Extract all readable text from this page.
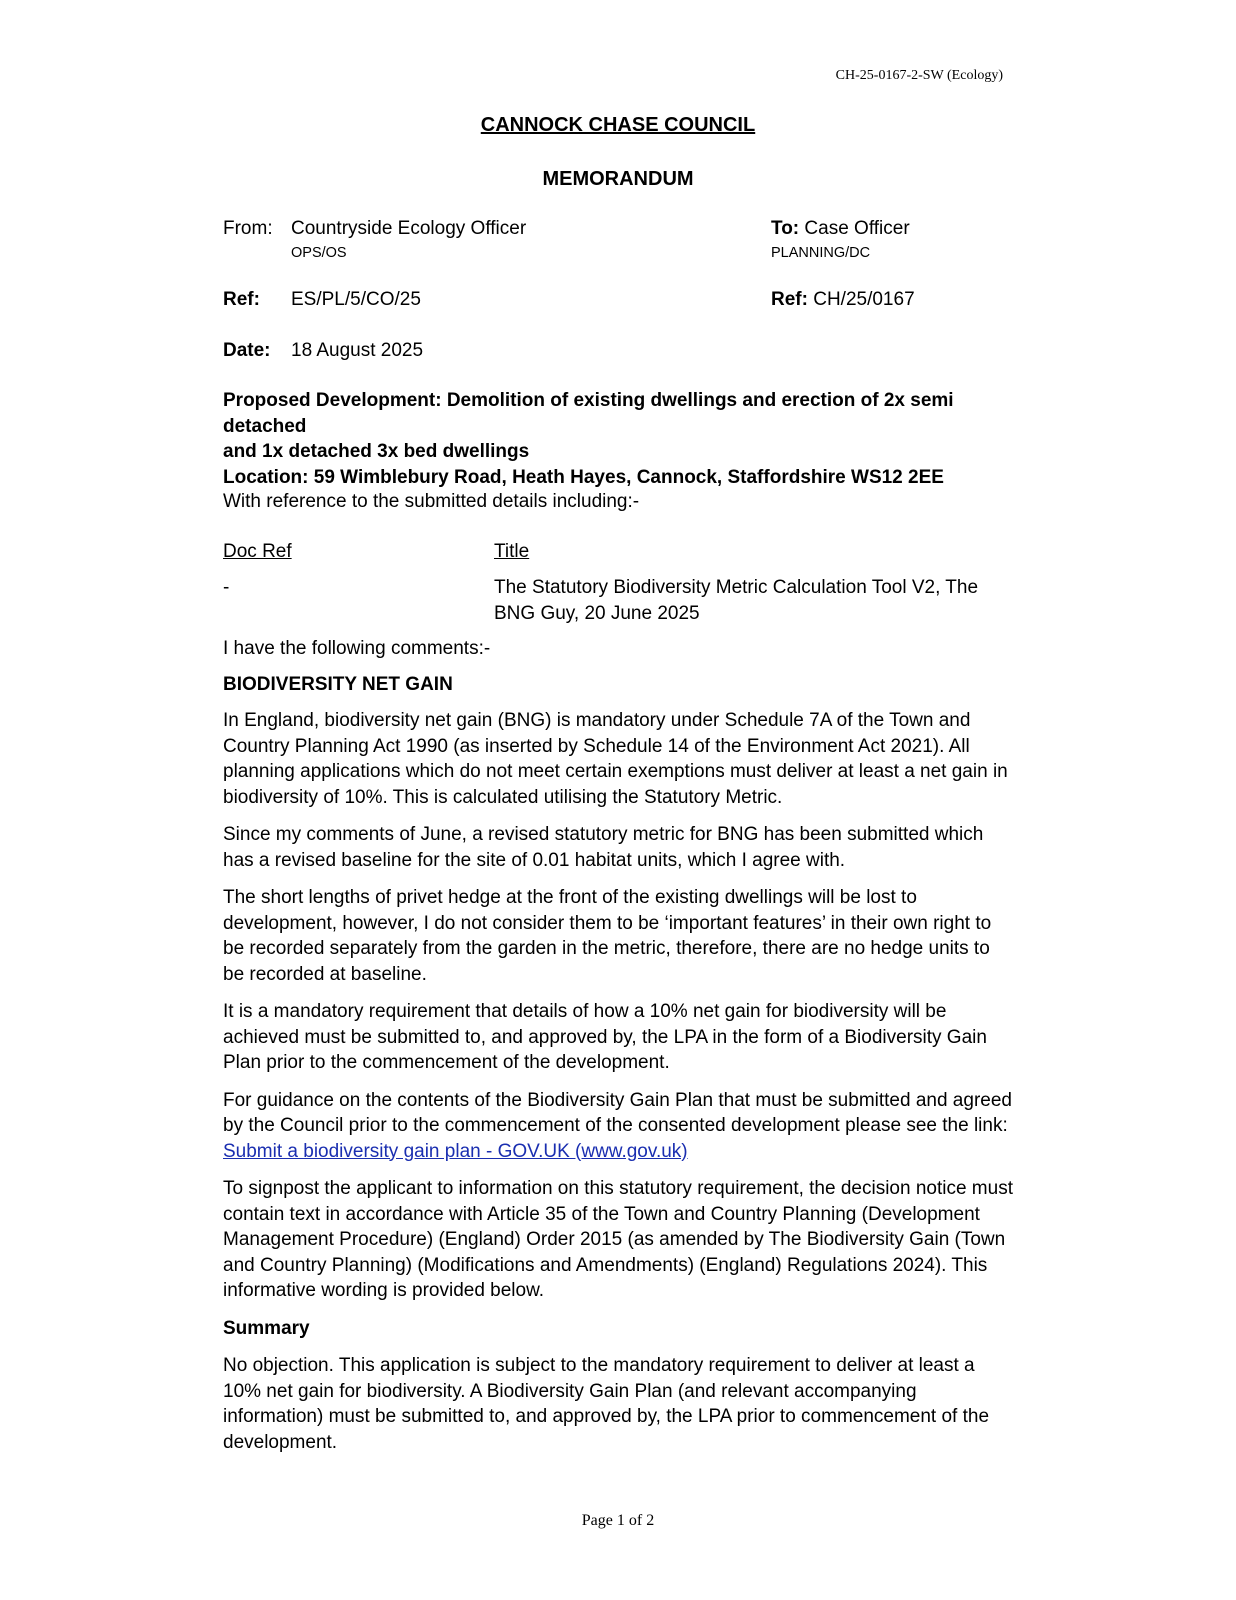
CH-25-0167-2-SW (Ecology)
CANNOCK CHASE COUNCIL
MEMORANDUM
From: Countryside Ecology Officer
OPS/OS
To: Case Officer
PLANNING/DC
Ref: ES/PL/5/CO/25	Ref: CH/25/0167
Date: 18 August 2025
Proposed Development: Demolition of existing dwellings and erection of 2x semi detached
and 1x detached 3x bed dwellings
Location: 59 Wimblebury Road, Heath Hayes, Cannock, Staffordshire WS12 2EE
With reference to the submitted details including:-
Doc Ref	Title
-	The Statutory Biodiversity Metric Calculation Tool V2, The BNG Guy, 20 June 2025
I have the following comments:-
BIODIVERSITY NET GAIN

In England, biodiversity net gain (BNG) is mandatory under Schedule 7A of the Town and Country Planning Act 1990 (as inserted by Schedule 14 of the Environment Act 2021). All planning applications which do not meet certain exemptions must deliver at least a net gain in biodiversity of 10%. This is calculated utilising the Statutory Metric.

Since my comments of June, a revised statutory metric for BNG has been submitted which has a revised baseline for the site of 0.01 habitat units, which I agree with.

The short lengths of privet hedge at the front of the existing dwellings will be lost to development, however, I do not consider them to be ‘important features’ in their own right to be recorded separately from the garden in the metric, therefore, there are no hedge units to be recorded at baseline.

It is a mandatory requirement that details of how a 10% net gain for biodiversity will be achieved must be submitted to, and approved by, the LPA in the form of a Biodiversity Gain Plan prior to the commencement of the development.

For guidance on the contents of the Biodiversity Gain Plan that must be submitted and agreed by the Council prior to the commencement of the consented development please see the link: Submit a biodiversity gain plan - GOV.UK (www.gov.uk)

To signpost the applicant to information on this statutory requirement, the decision notice must contain text in accordance with Article 35 of the Town and Country Planning (Development Management Procedure) (England) Order 2015 (as amended by The Biodiversity Gain (Town and Country Planning) (Modifications and Amendments) (England) Regulations 2024). This informative wording is provided below.

Summary

No objection. This application is subject to the mandatory requirement to deliver at least a 10% net gain for biodiversity. A Biodiversity Gain Plan (and relevant accompanying information) must be submitted to, and approved by, the LPA prior to commencement of the development.

Page 1 of 2
